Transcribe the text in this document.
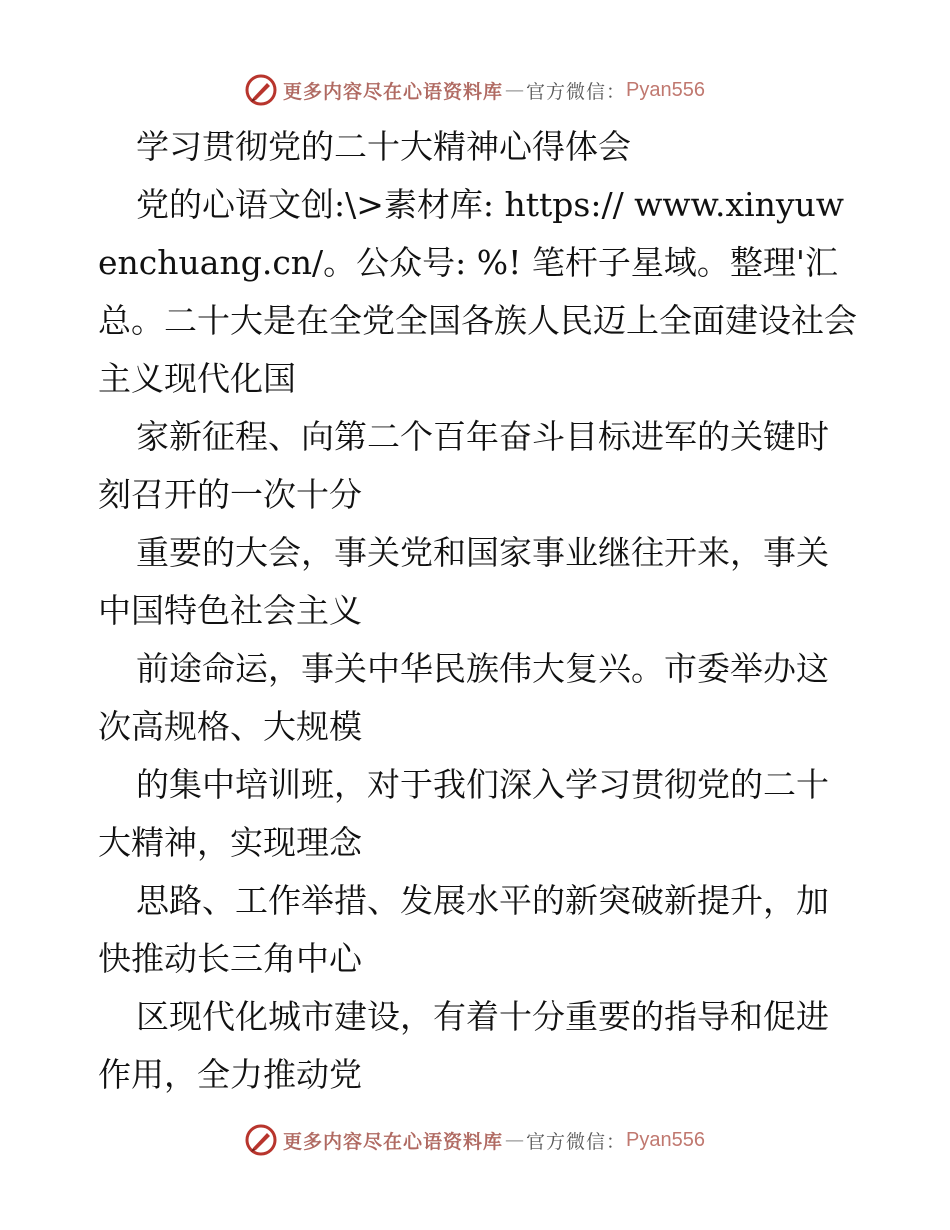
更多内容尽在心语资料库 — 官方微信： Pyan556

学习贯彻党的二十大精神心得体会

党的心语文创:\>素材库: https:// www.xinyuwenchuang.cn/。公众号: %! 笔杆子星域。整理'汇总。二十大是在全党全国各族人民迈上全面建设社会主义现代化国

家新征程、向第二个百年奋斗目标进军的关键时刻召开的一次十分

重要的大会，事关党和国家事业继往开来，事关中国特色社会主义

前途命运，事关中华民族伟大复兴。市委举办这次高规格、大规模

的集中培训班，对于我们深入学习贯彻党的二十大精神，实现理念

思路、工作举措、发展水平的新突破新提升，加快推动长三角中心

区现代化城市建设，有着十分重要的指导和促进作用，全力推动党

更多内容尽在心语资料库 — 官方微信： Pyan556
